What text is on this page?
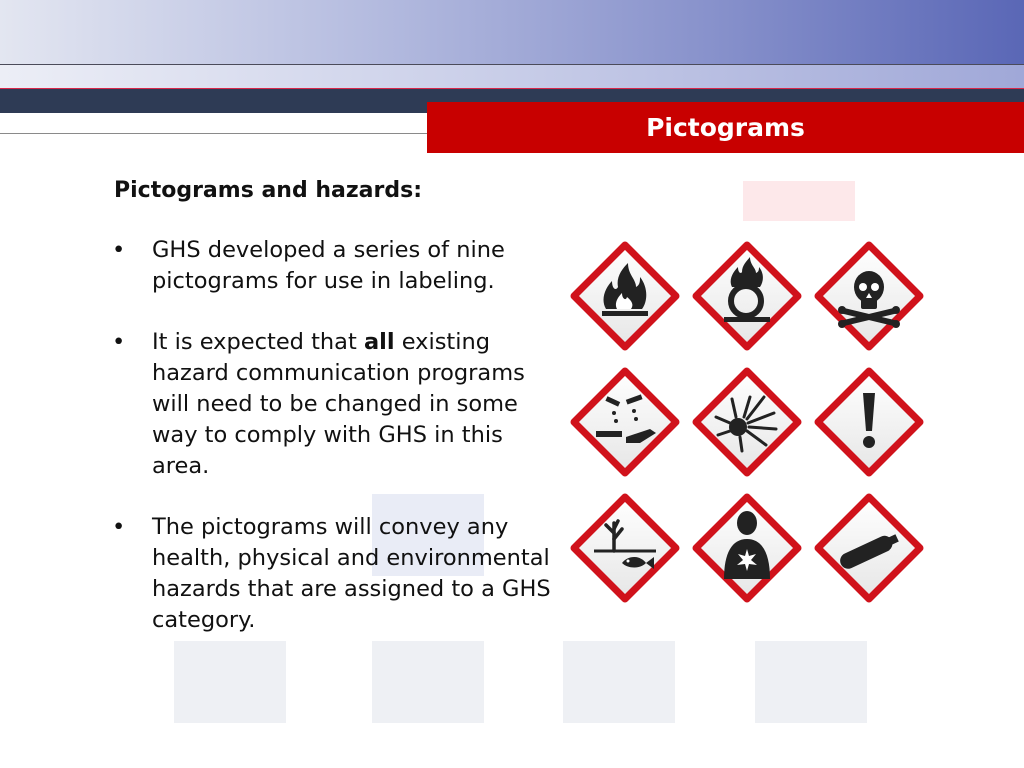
Pictograms
Pictograms and hazards:
• GHS developed a series of nine pictograms for use in labeling.
• It is expected that all existing hazard communication programs will need to be changed in some way to comply with GHS in this area.
• The pictograms will convey any health, physical and environmental hazards that are assigned to a GHS category.
